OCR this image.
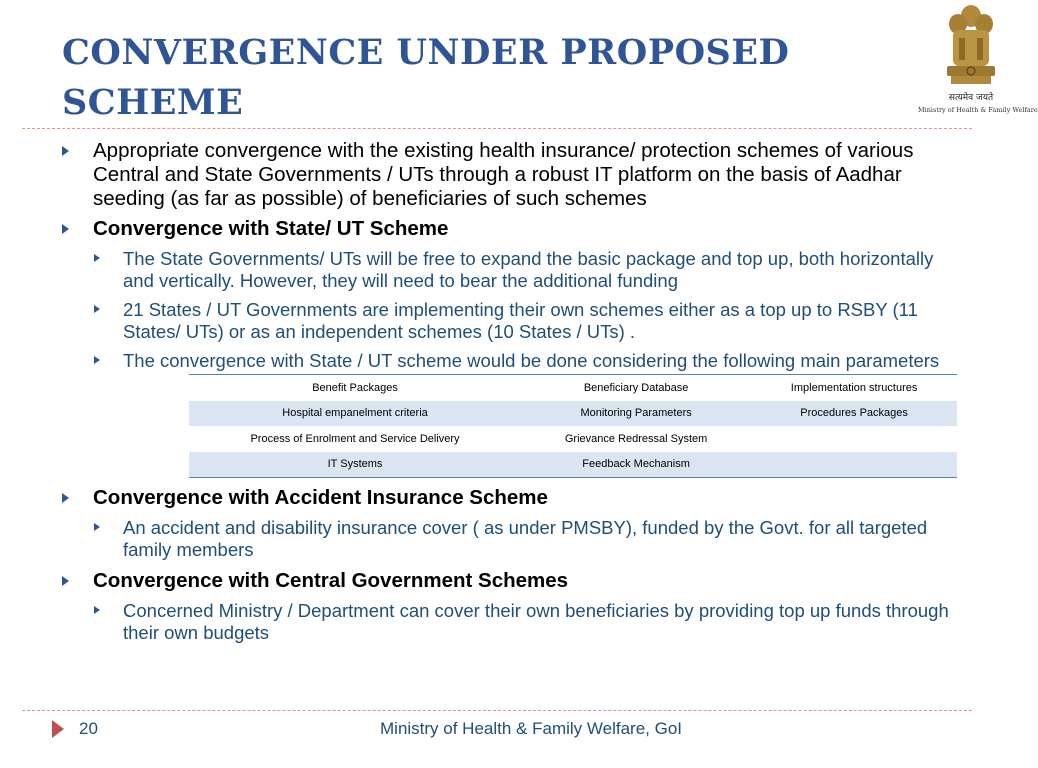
CONVERGENCE UNDER PROPOSED SCHEME	सत्यमेव जयते
Ministry of Health & Family Welfare
Appropriate convergence with the existing health insurance/ protection schemes of various Central and State Governments / UTs through a robust IT platform on the basis of Aadhar seeding (as far as possible) of beneficiaries of such schemes
Convergence with State/ UT Scheme
The State Governments/ UTs will be free to expand the basic package and top up, both horizontally and vertically. However, they will need to bear the additional funding
21 States / UT Governments are implementing their own schemes either as a top up to RSBY (11 States/ UTs) or as an independent schemes (10 States / UTs) .
The convergence with State / UT scheme would be done considering the following main parameters
Benefit Packages	Beneficiary Database	Implementation structures
Hospital empanelment criteria	Monitoring Parameters	Procedures Packages
Process of Enrolment and Service Delivery	Grievance Redressal System	
IT Systems	Feedback Mechanism	
Convergence with Accident Insurance Scheme
An accident and disability insurance cover ( as under PMSBY), funded by the Govt. for all targeted family members
Convergence with Central Government Schemes
Concerned Ministry / Department can cover their own beneficiaries by providing top up funds through their own budgets
20	Ministry of Health & Family Welfare, GoI
